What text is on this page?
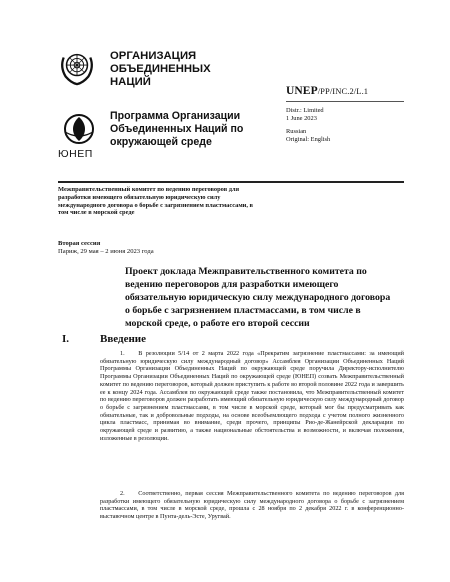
ОРГАНИЗАЦИЯ
ОБЪЕДИНЕННЫХ
НАЦИЙ
UNEP/PP/INC.2/L.1
Distr.: Limited
1 June 2023
Russian
Original: English
ЮНЕП
Программа Организации
Объединенных Наций по
окружающей среде
Межправительственный комитет по ведению переговоров для разработки имеющего обязательную юридическую силу международного договора о борьбе с загрязнением пластмассами, в том числе в морской среде
Вторая сессия
Париж, 29 мая – 2 июня 2023 года
Проект доклада Межправительственного комитета по ведению переговоров для разработки имеющего обязательную юридическую силу международного договора о борьбе с загрязнением пластмассами, в том числе в морской среде, о работе его второй сессии
I.	Введение
1. В резолюции 5/14 от 2 марта 2022 года «Прекратим загрязнение пластмассами: за имеющий обязательную юридическую силу международный договор» Ассамблея Организации Объединенных Наций Программы Организации Объединенных Наций по окружающей среде поручила Директору-исполнителю Программы Организации Объединенных Наций по окружающей среде (ЮНЕП) созвать Межправительственный комитет по ведению переговоров, который должен приступить к работе во второй половине 2022 года и завершить ее к концу 2024 года. Ассамблея по окружающей среде также постановила, что Межправительственный комитет по ведению переговоров должен разработать имеющий обязательную юридическую силу международный договор о борьбе с загрязнением пластмассами, в том числе в морской среде, который мог бы предусматривать как обязательные, так и добровольные подходы, на основе всеобъемлющего подхода с учетом полного жизненного цикла пластмасс, принимая во внимание, среди прочего, принципы Рио-де-Жанейрской декларации по окружающей среде и развитию, а также национальные обстоятельства и возможности, и включая положения, изложенные в резолюции.
2. Соответственно, первая сессия Межправительственного комитета по ведению переговоров для разработки имеющего обязательную юридическую силу международного договора о борьбе с загрязнением пластмассами, в том числе в морской среде, прошла с 28 ноября по 2 декабря 2022 г. в конференционно-выставочном центре в Пунта-дель-Эсте, Уругвай.
